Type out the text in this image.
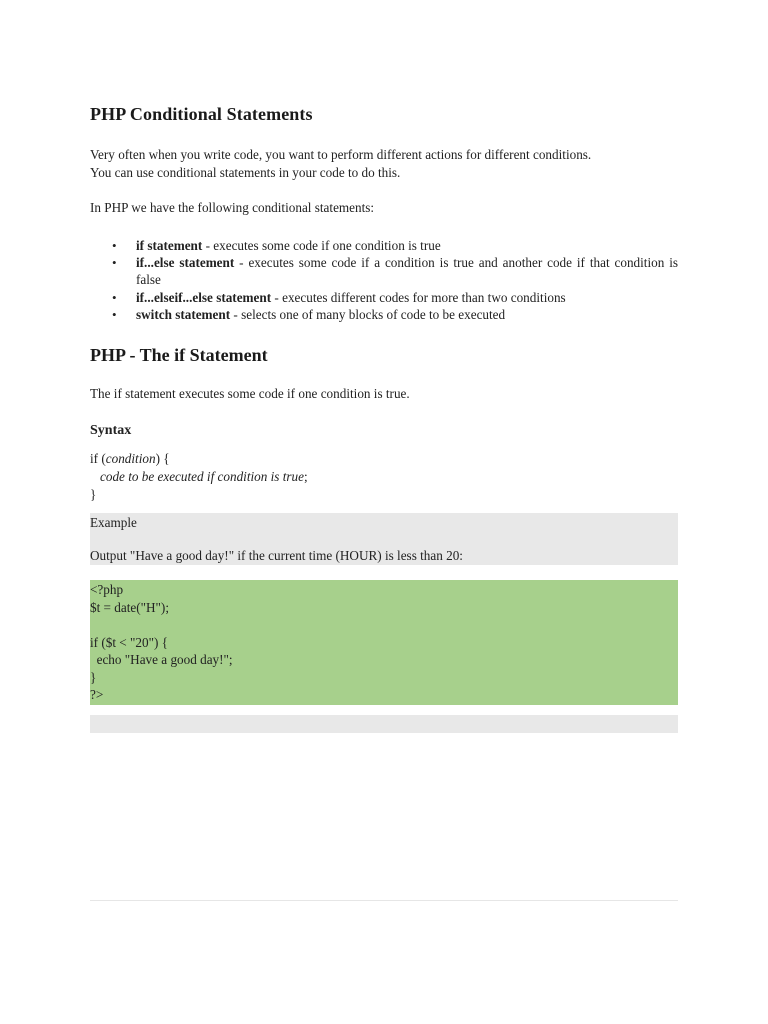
PHP Conditional Statements

Very often when you write code, you want to perform different actions for different conditions.
You can use conditional statements in your code to do this.

In PHP we have the following conditional statements:

• if statement - executes some code if one condition is true
• if...else statement - executes some code if a condition is true and another code if that condition is false
• if...elseif...else statement - executes different codes for more than two conditions
• switch statement - selects one of many blocks of code to be executed
PHP - The if Statement

The if statement executes some code if one condition is true.

Syntax
if (condition) {
code to be executed if condition is true;
}
Example
Output "Have a good day!" if the current time (HOUR) is less than 20:
<?php
$t = date("H");

if ($t < "20") {
echo "Have a good day!";
}
?>
